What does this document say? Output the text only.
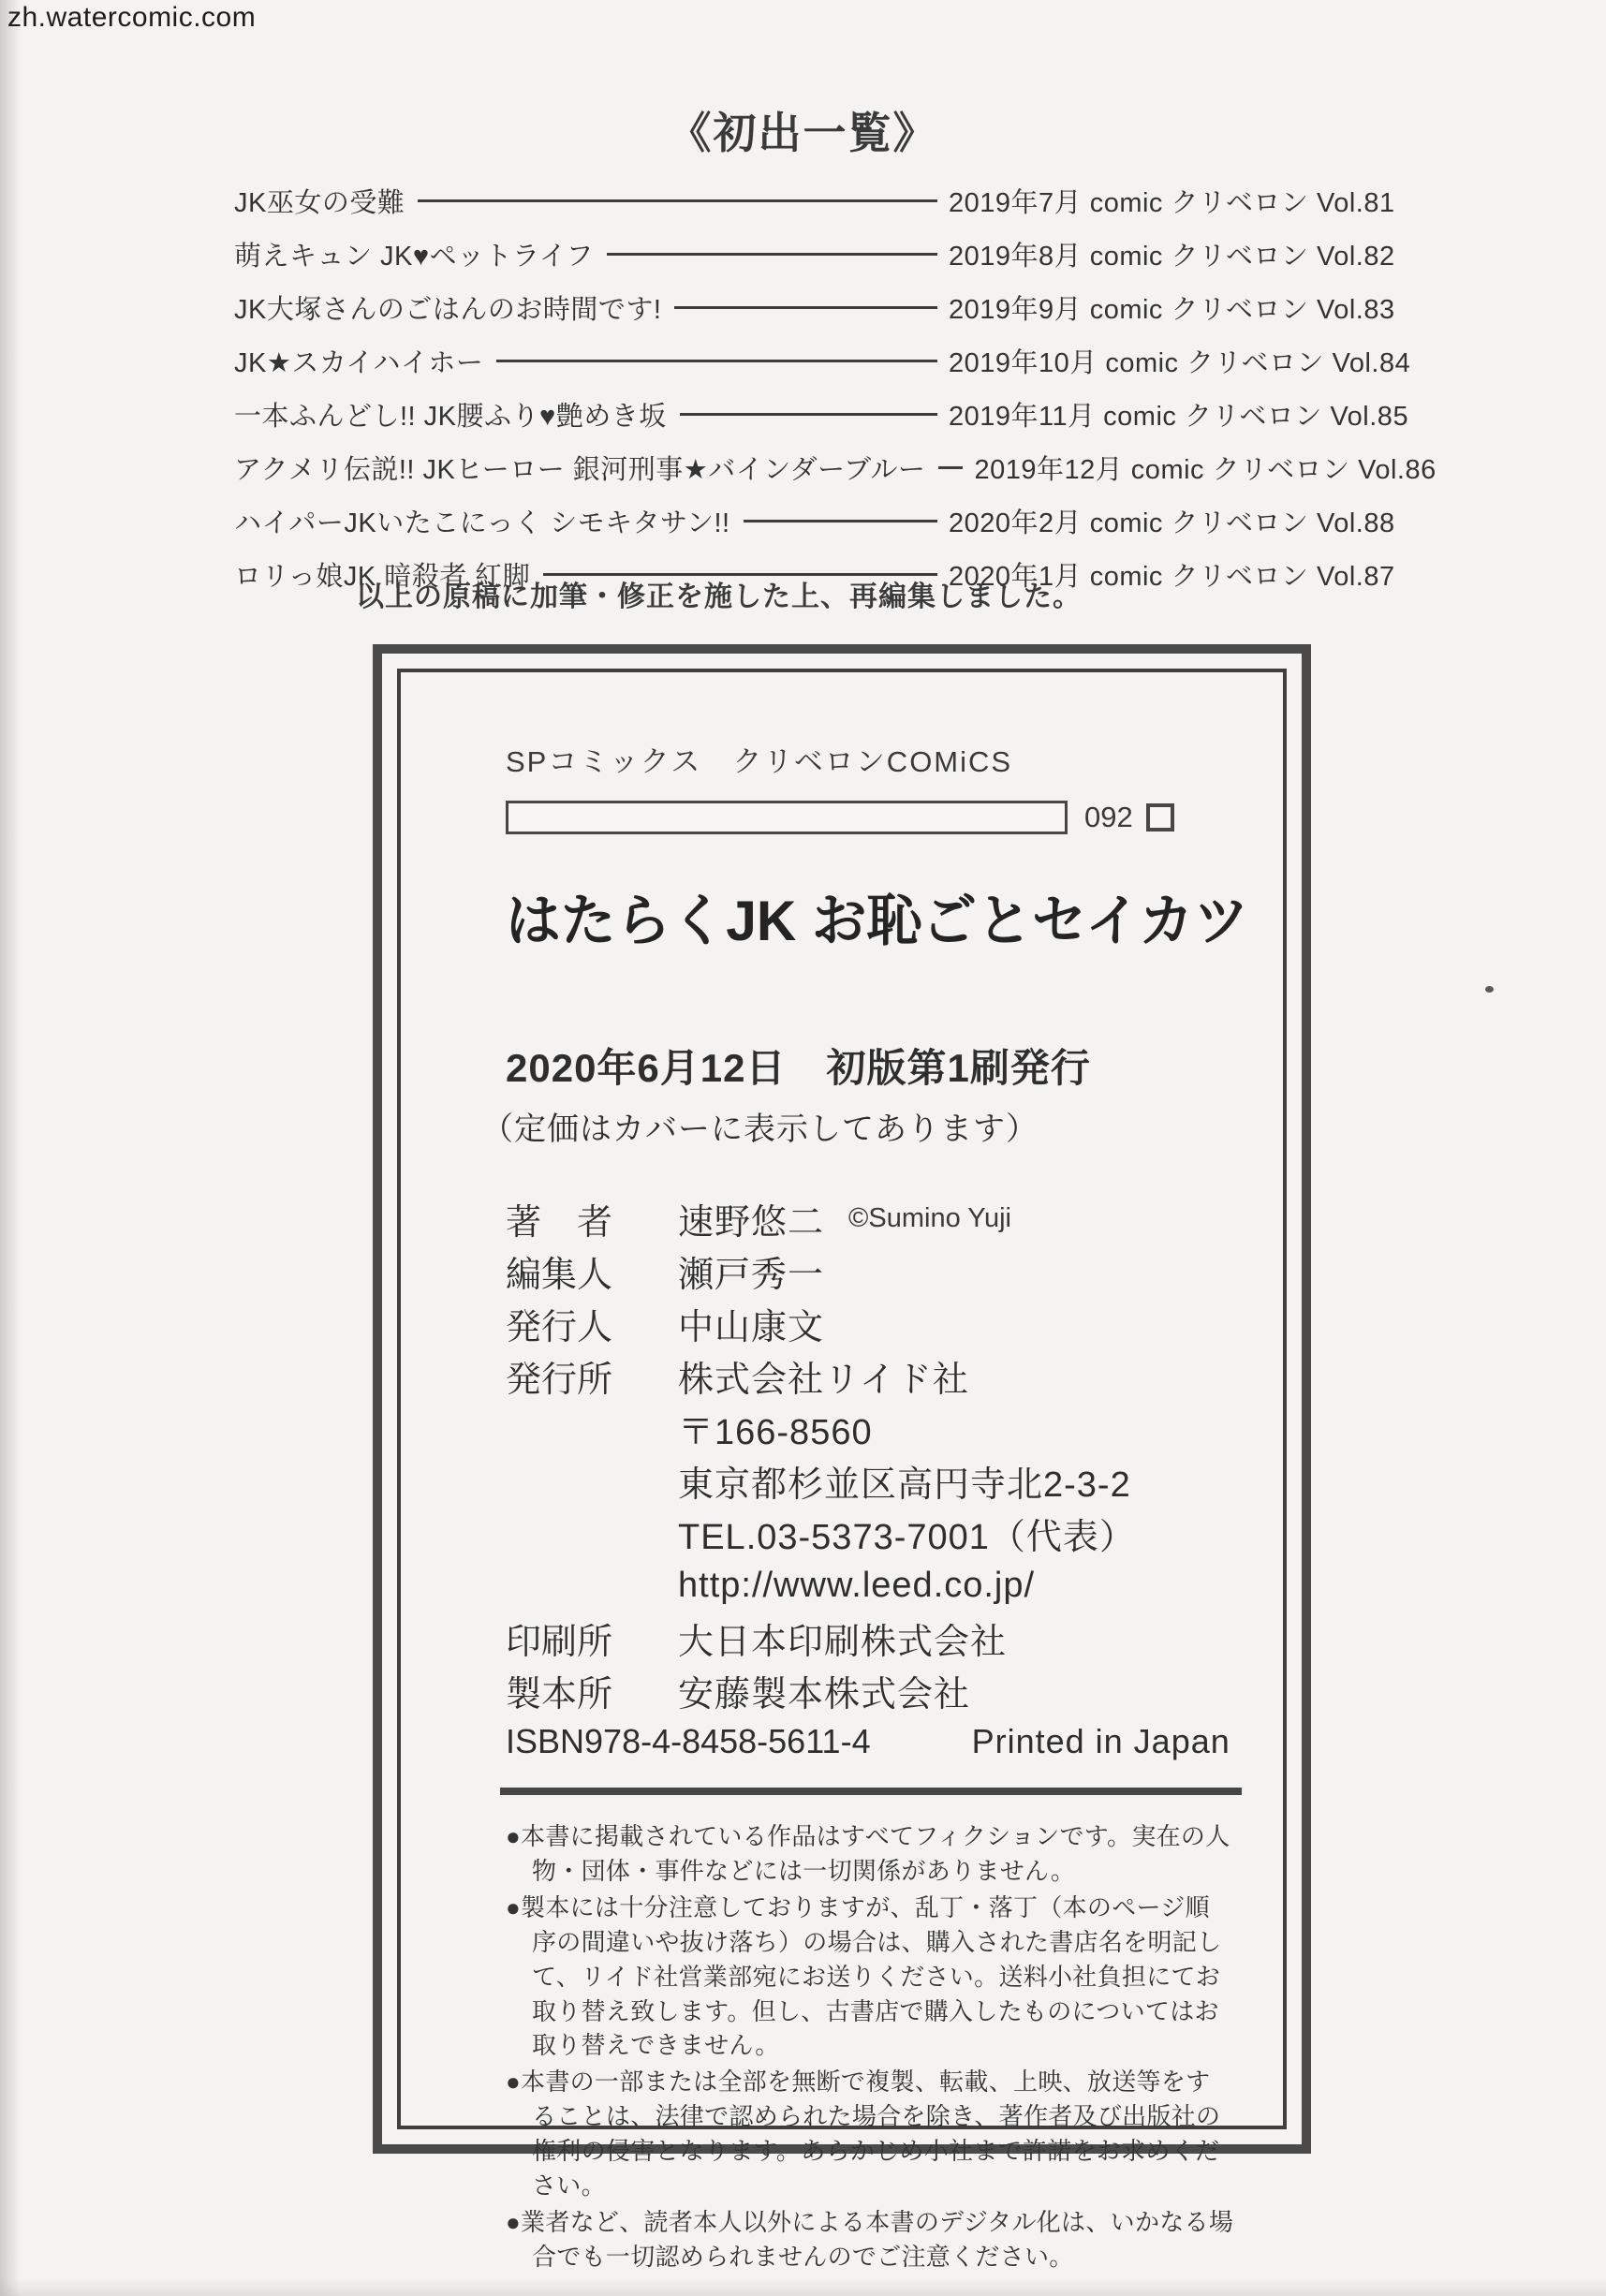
zh.watercomic.com
《初出一覧》
JK巫女の受難	2019年7月 comic クリベロン Vol.81
萌えキュン JK♥ペットライフ	2019年8月 comic クリベロン Vol.82
JK大塚さんのごはんのお時間です!	2019年9月 comic クリベロン Vol.83
JK★スカイハイホー	2019年10月 comic クリベロン Vol.84
一本ふんどし!! JK腰ふり♥艶めき坂	2019年11月 comic クリベロン Vol.85
アクメリ伝説!! JKヒーロー 銀河刑事★バインダーブルー 2019年12月 comic クリベロン Vol.86
ハイパーJKいたこにっく シモキタサン!!	2020年2月 comic クリベロン Vol.88
ロリっ娘JK 暗殺者 紅脚	2020年1月 comic クリベロン Vol.87
以上の原稿に加筆・修正を施した上、再編集しました。
SPコミックス　クリベロンCOMiCS
092
はたらくJK お恥ごとセイカツ
2020年6月12日　初版第1刷発行
（定価はカバーに表示してあります）
著　者	速野悠二 ©Sumino Yuji
編集人	瀬戸秀一
発行人	中山康文
発行所	株式会社リイド社
〒166-8560
東京都杉並区高円寺北2-3-2
TEL.03-5373-7001（代表）
http://www.leed.co.jp/
印刷所	大日本印刷株式会社
製本所	安藤製本株式会社
ISBN978-4-8458-5611-4	Printed in Japan

● 本書に掲載されている作品はすべてフィクションです。実在の人物・団体・事件などには一切関係がありません。

● 製本には十分注意しておりますが、乱丁・落丁（本のページ順序の間違いや抜け落ち）の場合は、購入された書店名を明記して、リイド社営業部宛にお送りください。送料小社負担にてお取り替え致します。但し、古書店で購入したものについてはお取り替えできません。

● 本書の一部または全部を無断で複製、転載、上映、放送等をすることは、法律で認められた場合を除き、著作者及び出版社の権利の侵害となります。あらかじめ小社まで許諾をお求めください。

● 業者など、読者本人以外による本書のデジタル化は、いかなる場合でも一切認められませんのでご注意ください。
